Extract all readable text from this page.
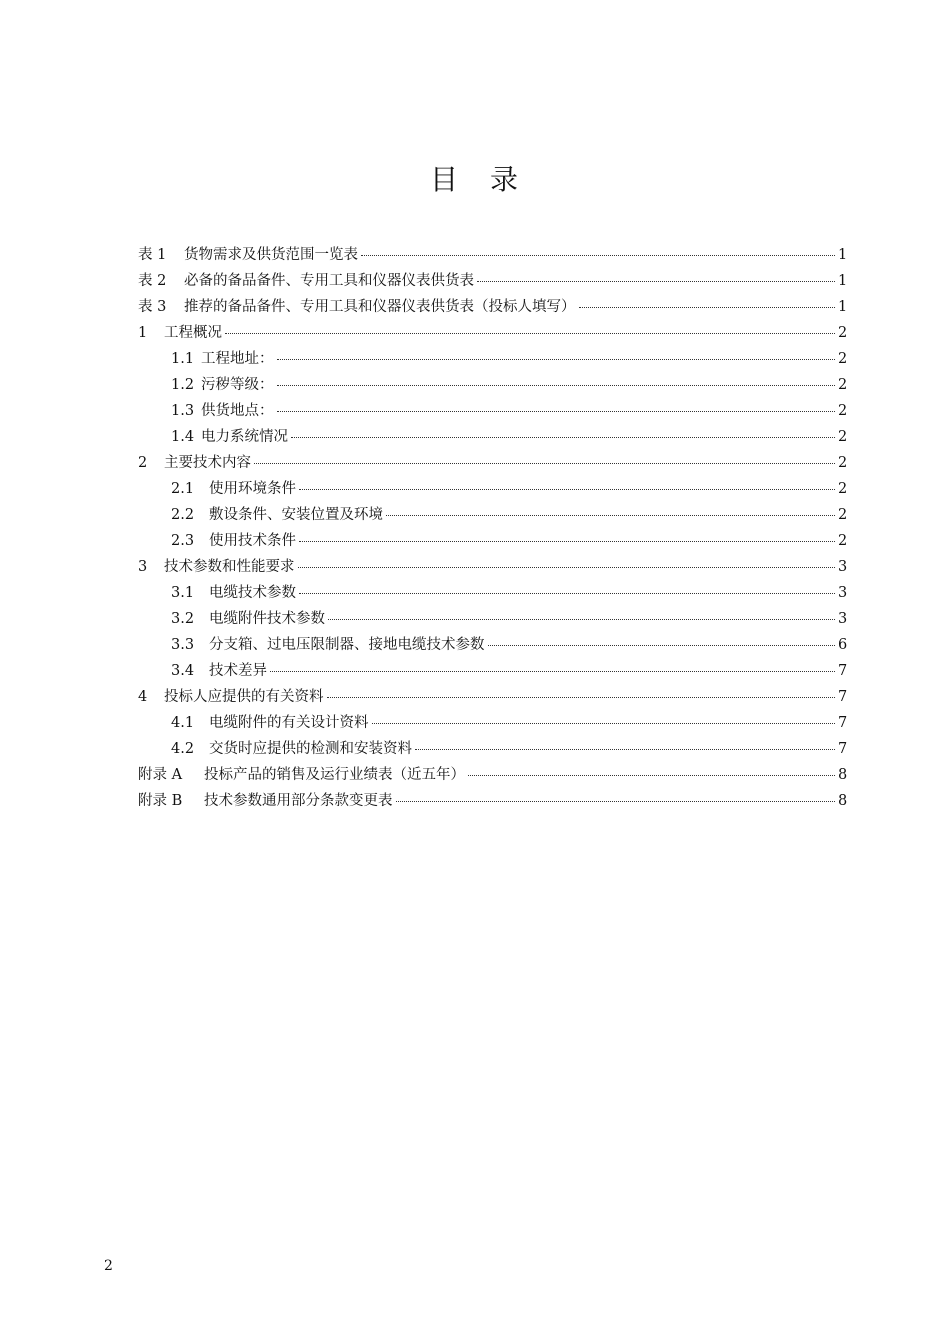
目 录
表 1	货物需求及供货范围一览表	1
表 2	必备的备品备件、专用工具和仪器仪表供货表	1
表 3	推荐的备品备件、专用工具和仪器仪表供货表（投标人填写）	1
1	工程概况	2
1.1 工程地址：	2
1.2 污秽等级：	2
1.3 供货地点：	2
1.4 电力系统情况	2
2	主要技术内容	2
2.1	使用环境条件	2
2.2	敷设条件、安装位置及环境	2
2.3	使用技术条件	2
3	技术参数和性能要求	3
3.1	电缆技术参数	3
3.2	电缆附件技术参数	3
3.3	分支箱、过电压限制器、接地电缆技术参数	6
3.4	技术差异	7
4	投标人应提供的有关资料	7
4.1	电缆附件的有关设计资料	7
4.2	交货时应提供的检测和安装资料	7
附录 A	投标产品的销售及运行业绩表（近五年）	8
附录 B	技术参数通用部分条款变更表	8
2
